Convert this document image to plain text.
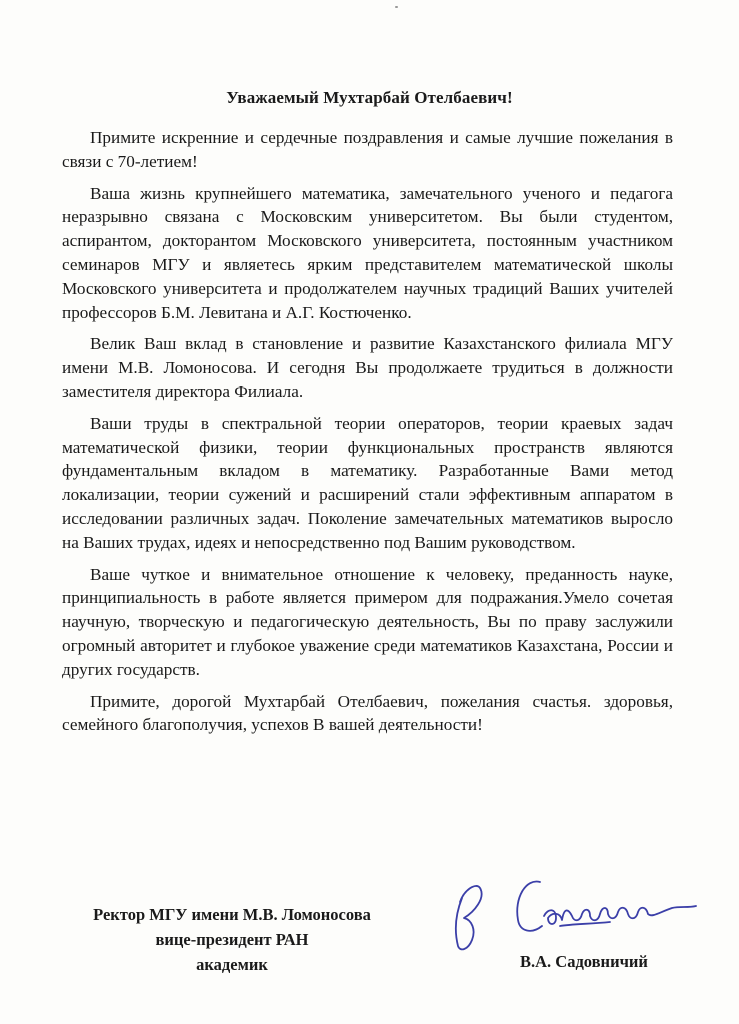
Уважаемый Мухтарбай Отелбаевич!

Примите искренние и сердечные поздравления и самые лучшие пожелания в связи с 70-летием!

Ваша жизнь крупнейшего математика, замечательного ученого и педагога неразрывно связана с Московским университетом. Вы были студентом, аспирантом, докторантом Московского университета, постоянным участником семинаров МГУ и являетесь ярким представителем математической школы Московского университета и продолжателем научных традиций Ваших учителей профессоров Б.М. Левитана и А.Г. Костюченко.

Велик Ваш вклад в становление и развитие Казахстанского филиала МГУ имени М.В. Ломоносова. И сегодня Вы продолжаете трудиться в должности заместителя директора Филиала.

Ваши труды в спектральной теории операторов, теории краевых задач математической физики, теории функциональных пространств являются фундаментальным вкладом в математику. Разработанные Вами метод локализации, теории сужений и расширений стали эффективным аппаратом в исследовании различных задач. Поколение замечательных математиков выросло на Ваших трудах, идеях и непосредственно под Вашим руководством.

Ваше чуткое и внимательное отношение к человеку, преданность науке, принципиальность в работе является примером для подражания.Умело сочетая научную, творческую и педагогическую деятельность, Вы по праву заслужили огромный авторитет и глубокое уважение среди математиков Казахстана, России и других государств.

Примите, дорогой Мухтарбай Отелбаевич, пожелания счастья. здоровья, семейного благополучия, успехов В вашей деятельности!

Ректор МГУ имени М.В. Ломоносова
вице-президент РАН
академик	В.А. Садовничий
